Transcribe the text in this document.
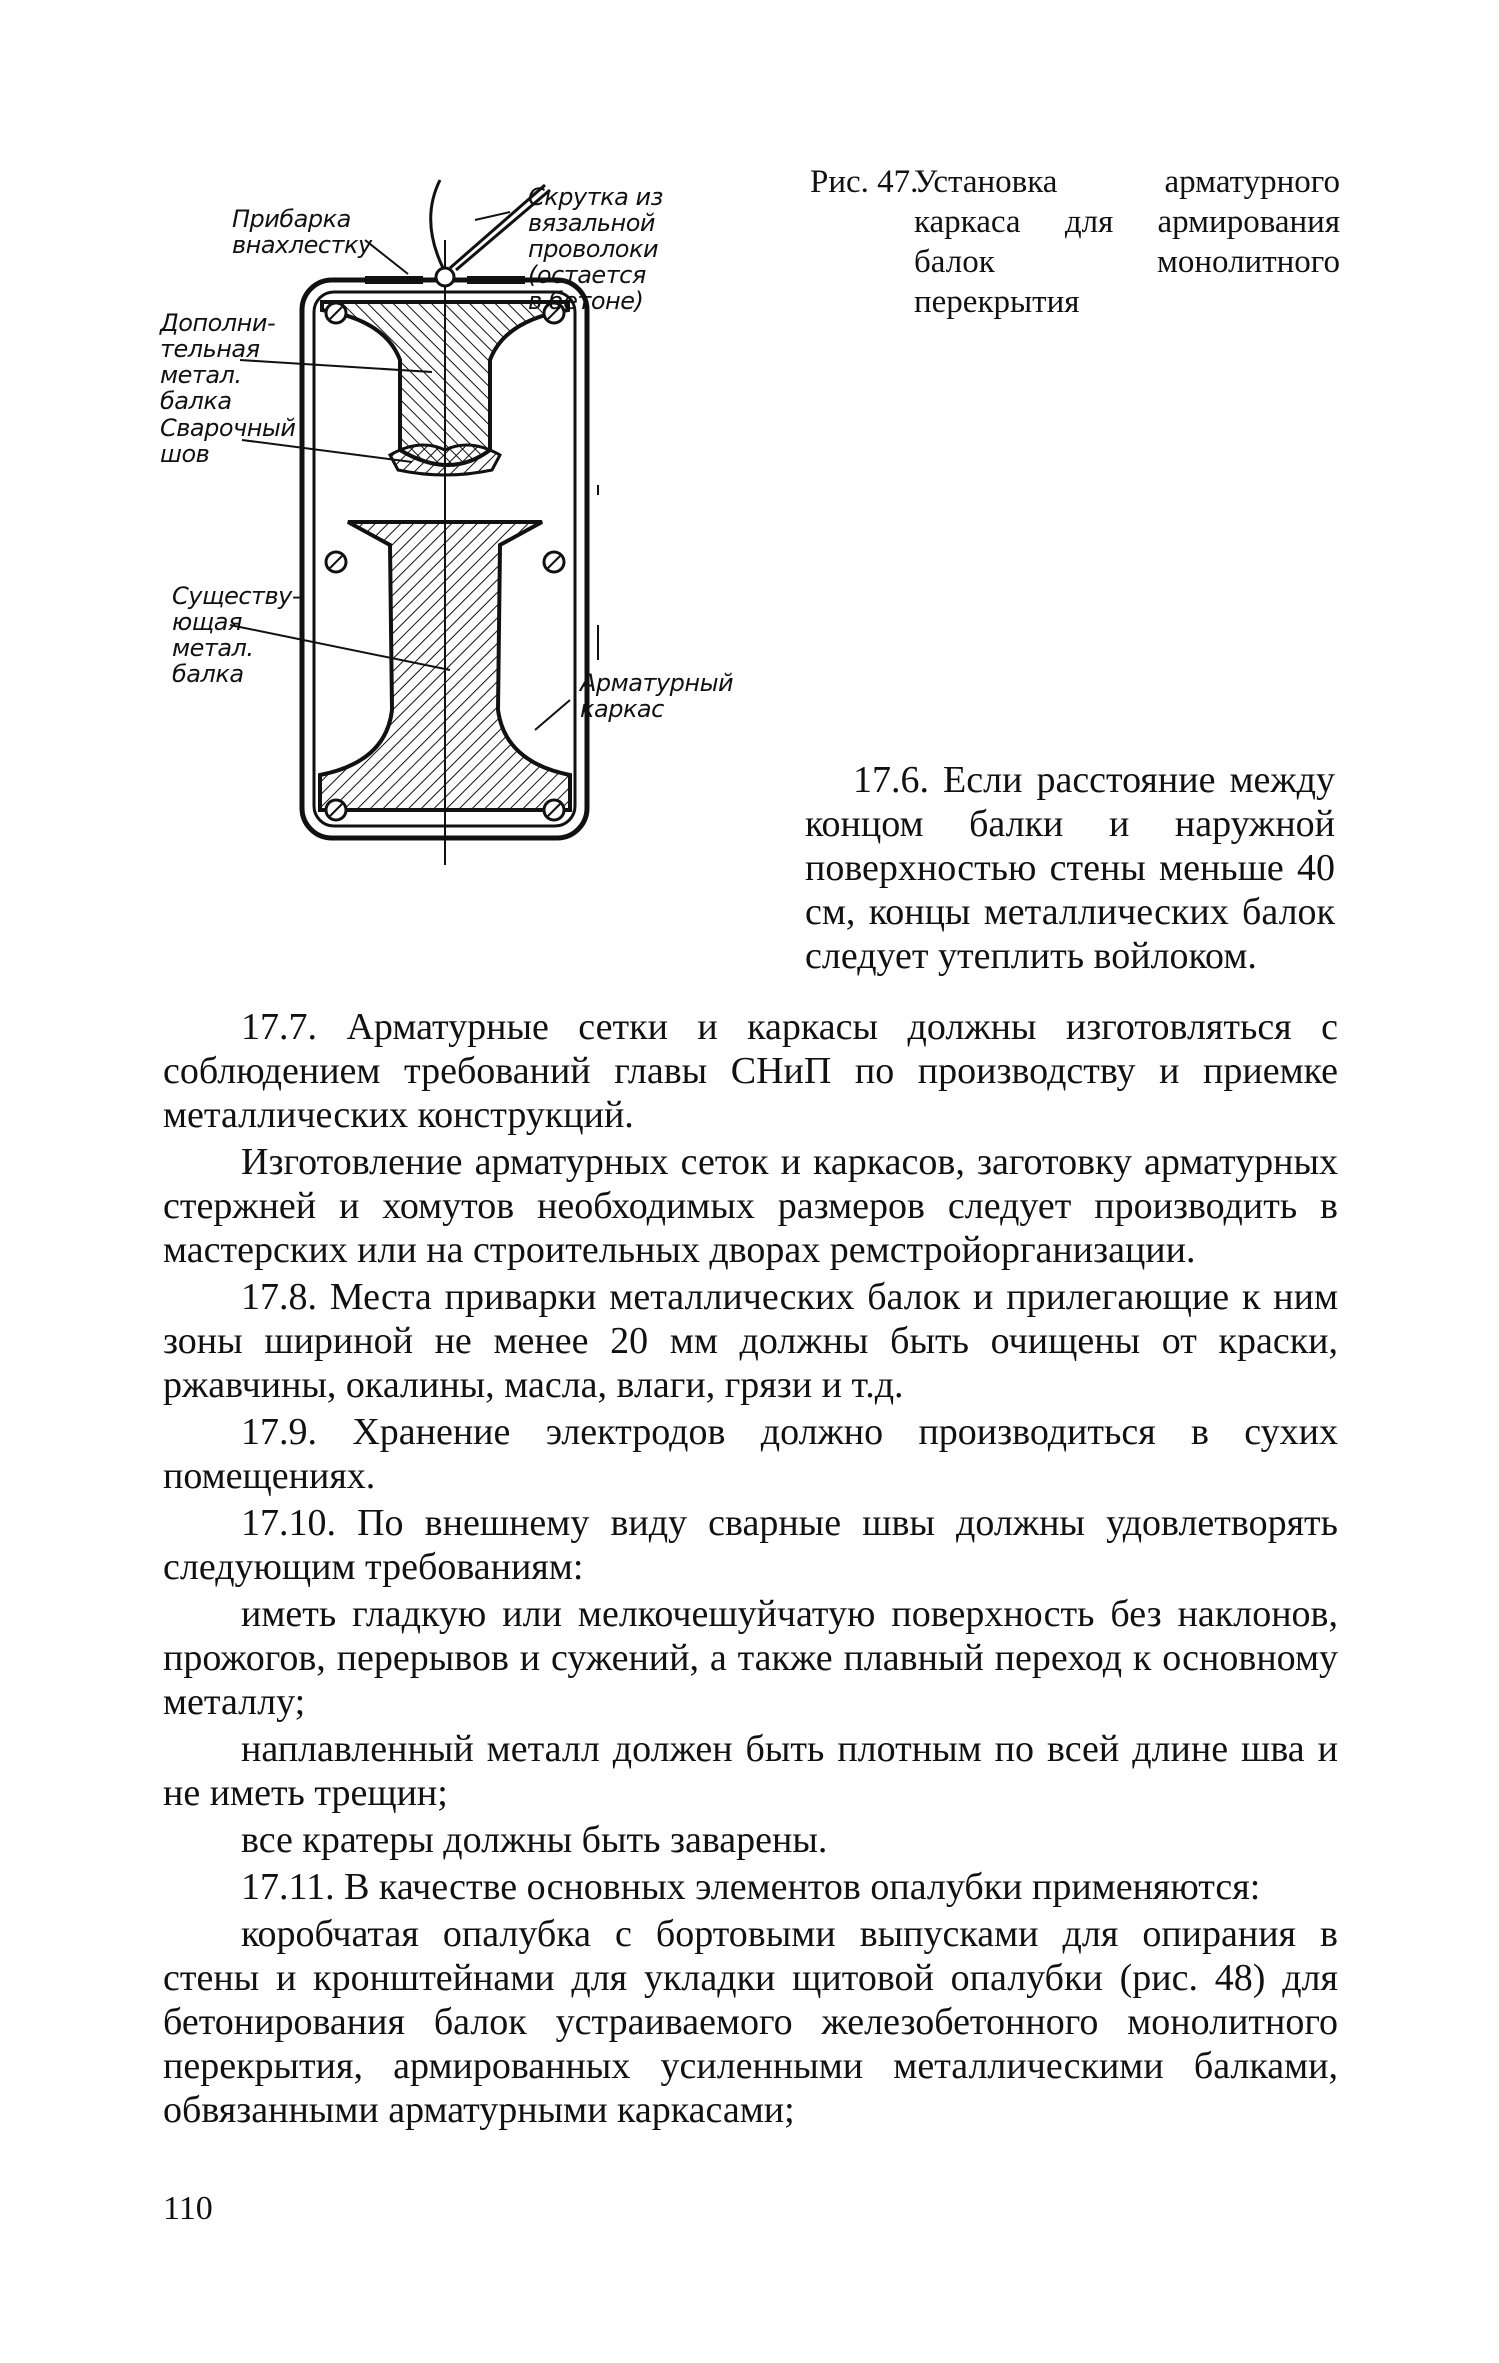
Прибарка
внахлестку
Скрутка из
вязальной
проволоки
(остается
в бетоне)
Дополни-
тельная
метал.
балка
Сварочный
шов
Существу-
ющая
метал.
балка	Арматурный
каркас
Рис. 47.
Установка арматурного каркаса для армирования балок монолитного перекрытия

17.6. Если расстояние между концом балки и наружной поверхностью стены меньше 40 см, концы металлических балок следует утеплить войлоком.

17.7. Арматурные сетки и каркасы должны изготовляться с соблюдением требований главы СНиП по производству и приемке металлических конструкций.

Изготовление арматурных сеток и каркасов, заготовку арматурных стержней и хомутов необходимых размеров следует производить в мастерских или на строительных дворах ремстройорганизации.

17.8. Места приварки металлических балок и прилегающие к ним зоны шириной не менее 20 мм должны быть очищены от краски, ржавчины, окалины, масла, влаги, грязи и т.д.

17.9. Хранение электродов должно производиться в сухих помещениях.

17.10. По внешнему виду сварные швы должны удовлетворять следующим требованиям:

иметь гладкую или мелкочешуйчатую поверхность без наклонов, прожогов, перерывов и сужений, а также плавный переход к основному металлу;

наплавленный металл должен быть плотным по всей длине шва и не иметь трещин;

все кратеры должны быть заварены.

17.11. В качестве основных элементов опалубки применяются:

коробчатая опалубка с бортовыми выпусками для опирания в стены и кронштейнами для укладки щитовой опалубки (рис. 48) для бетонирования балок устраиваемого железобетонного монолитного перекрытия, армированных усиленными металлическими балками, обвязанными арматурными каркасами;

110
